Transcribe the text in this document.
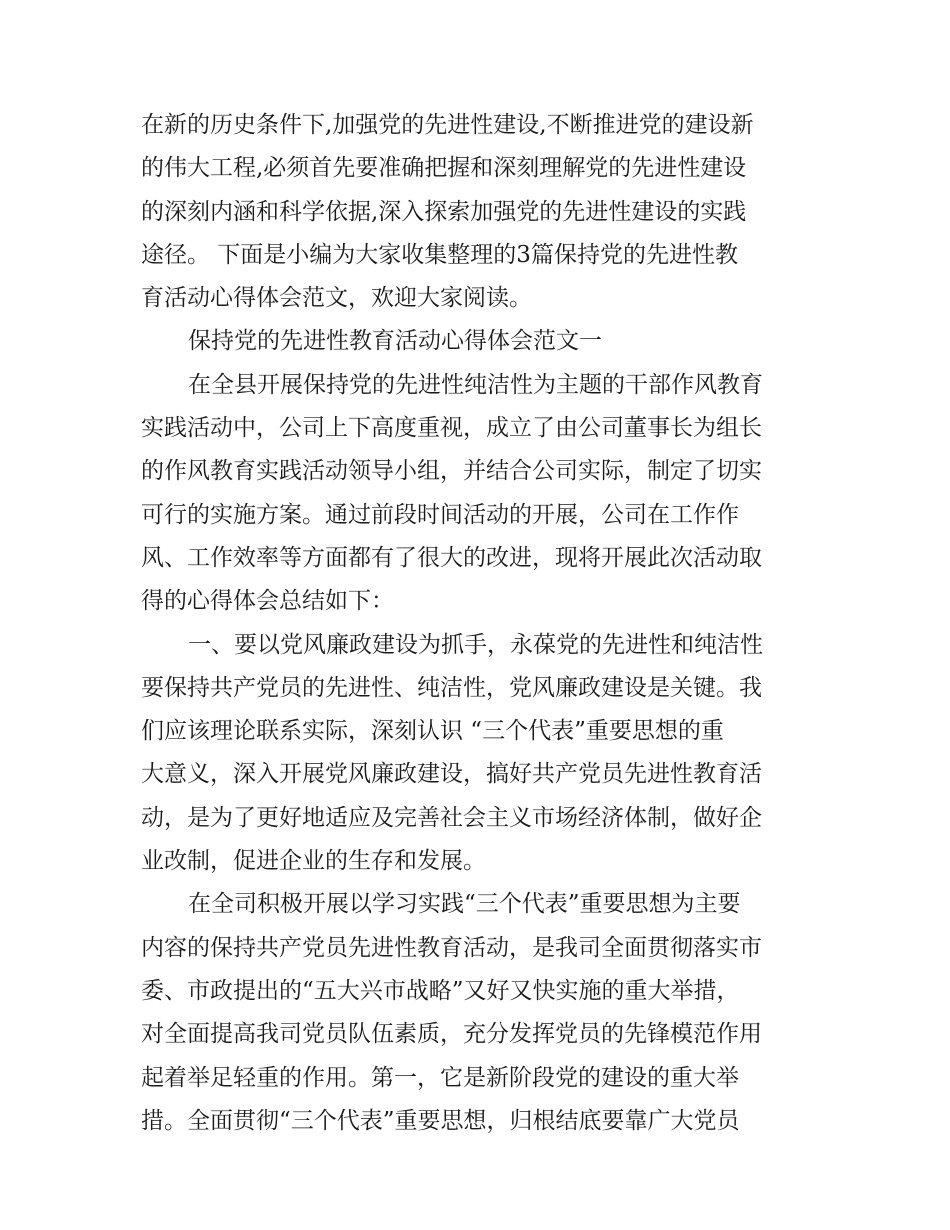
在新的历史条件下,加强党的先进性建设,不断推进党的建设新
的伟大工程,必须首先要准确把握和深刻理解党的先进性建设
的深刻内涵和科学依据,深入探索加强党的先进性建设的实践
途径。 下面是小编为大家收集整理的3篇保持党的先进性教
育活动心得体会范文，欢迎大家阅读。
保持党的先进性教育活动心得体会范文一
在全县开展保持党的先进性纯洁性为主题的干部作风教育
实践活动中，公司上下高度重视，成立了由公司董事长为组长
的作风教育实践活动领导小组，并结合公司实际，制定了切实
可行的实施方案。通过前段时间活动的开展，公司在工作作
风、工作效率等方面都有了很大的改进，现将开展此次活动取
得的心得体会总结如下：
一、要以党风廉政建设为抓手，永葆党的先进性和纯洁性
要保持共产党员的先进性、纯洁性，党风廉政建设是关键。我
们应该理论联系实际，深刻认识 “三个代表”重要思想的重
大意义，深入开展党风廉政建设，搞好共产党员先进性教育活
动，是为了更好地适应及完善社会主义市场经济体制，做好企
业改制，促进企业的生存和发展。
在全司积极开展以学习实践“三个代表”重要思想为主要
内容的保持共产党员先进性教育活动，是我司全面贯彻落实市
委、市政提出的“五大兴市战略”又好又快实施的重大举措，
对全面提高我司党员队伍素质，充分发挥党员的先锋模范作用
起着举足轻重的作用。第一，它是新阶段党的建设的重大举
措。全面贯彻“三个代表”重要思想，归根结底要靠广大党员
